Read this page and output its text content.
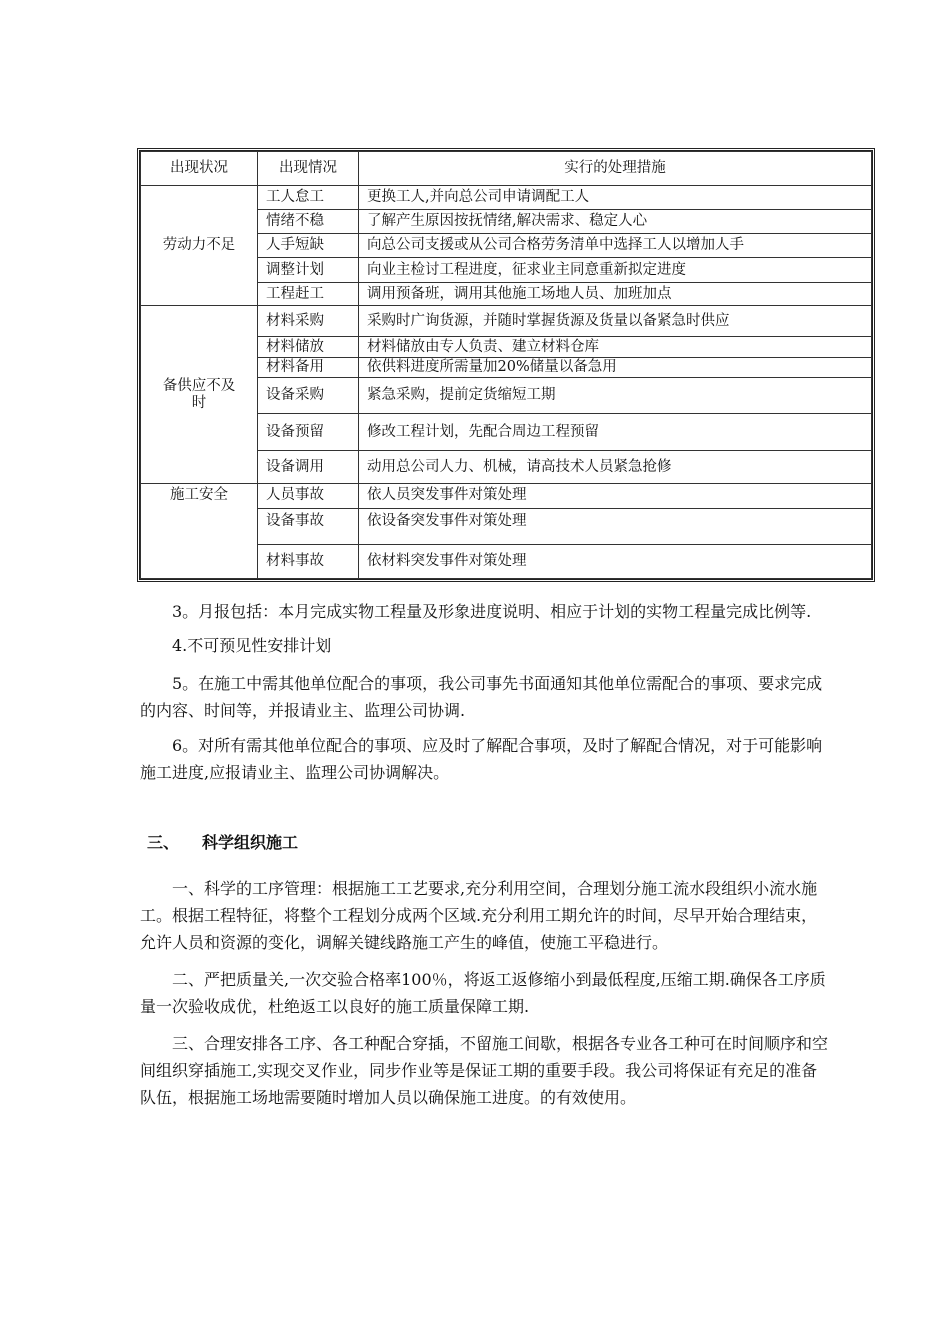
出现状况	出现情况	实行的处理措施
劳动力不足	工人怠工	更换工人,并向总公司申请调配工人
	情绪不稳	了解产生原因按抚情绪,解决需求、稳定人心
	人手短缺	向总公司支援或从公司合格劳务清单中选择工人以增加人手
	调整计划	向业主检讨工程进度，征求业主同意重新拟定进度
	工程赶工	调用预备班，调用其他施工场地人员、加班加点
备供应不及时	材料采购	采购时广询货源，并随时掌握货源及货量以备紧急时供应
	材料储放	材料储放由专人负责、建立材料仓库
	材料备用	依供料进度所需量加20%储量以备急用
	设备采购	紧急采购，提前定货缩短工期
	设备预留	修改工程计划，先配合周边工程预留
	设备调用	动用总公司人力、机械，请高技术人员紧急抢修
施工安全	人员事故	依人员突发事件对策处理
	设备事故	依设备突发事件对策处理
	材料事故	依材料突发事件对策处理

3。月报包括：本月完成实物工程量及形象进度说明、相应于计划的实物工程量完成比例等.

4.不可预见性安排计划

5。在施工中需其他单位配合的事项，我公司事先书面通知其他单位需配合的事项、要求完成的内容、时间等，并报请业主、监理公司协调.

6。对所有需其他单位配合的事项、应及时了解配合事项，及时了解配合情况，对于可能影响施工进度,应报请业主、监理公司协调解决。

三、 科学组织施工

一、科学的工序管理：根据施工工艺要求,充分利用空间，合理划分施工流水段组织小流水施工。根据工程特征，将整个工程划分成两个区域.充分利用工期允许的时间，尽早开始合理结束，允许人员和资源的变化，调解关键线路施工产生的峰值，使施工平稳进行。

二、严把质量关,一次交验合格率100％，将返工返修缩小到最低程度,压缩工期.确保各工序质量一次验收成优，杜绝返工以良好的施工质量保障工期.

三、合理安排各工序、各工种配合穿插，不留施工间歇，根据各专业各工种可在时间顺序和空间组织穿插施工,实现交叉作业，同步作业等是保证工期的重要手段。我公司将保证有充足的准备队伍，根据施工场地需要随时增加人员以确保施工进度。的有效使用。
